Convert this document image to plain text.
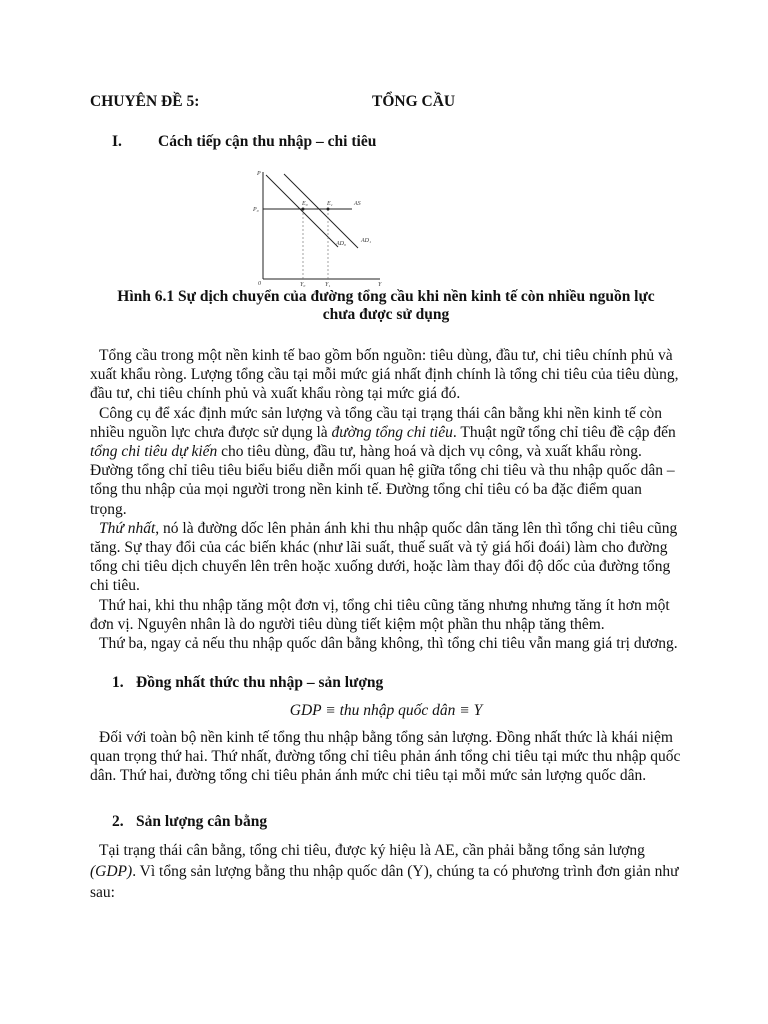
CHUYÊN ĐỀ 5:	TỔNG CẦU
I. Cách tiếp cận thu nhập – chi tiêu
P
0
P₀
E₀	E₁	AS
AD₀ AD₁
Y₀	Y₁	Y
Hình 6.1 Sự dịch chuyển của đường tổng cầu khi nền kinh tế còn nhiều nguồn lực
chưa được sử dụng

Tổng cầu trong một nền kinh tế bao gồm bốn nguồn: tiêu dùng, đầu tư, chi tiêu chính phủ và xuất khẩu ròng. Lượng tổng cầu tại mỗi mức giá nhất định chính là tổng chi tiêu của tiêu dùng, đầu tư, chi tiêu chính phủ và xuất khẩu ròng tại mức giá đó.

Công cụ để xác định mức sản lượng và tổng cầu tại trạng thái cân bằng khi nền kinh tế còn nhiều nguồn lực chưa được sử dụng là đường tổng chi tiêu. Thuật ngữ tổng chỉ tiêu đề cập đến tổng chi tiêu dự kiến cho tiêu dùng, đầu tư, hàng hoá và dịch vụ công, và xuất khẩu ròng. Đường tổng chỉ tiêu tiêu biểu biểu diễn mối quan hệ giữa tổng chi tiêu và thu nhập quốc dân – tổng thu nhập của mọi người trong nền kinh tế. Đường tổng chỉ tiêu có ba đặc điểm quan trọng.

Thứ nhất, nó là đường dốc lên phản ánh khi thu nhập quốc dân tăng lên thì tổng chi tiêu cũng tăng. Sự thay đổi của các biến khác (như lãi suất, thuế suất và tỷ giá hối đoái) làm cho đường tổng chi tiêu dịch chuyển lên trên hoặc xuống dưới, hoặc làm thay đổi độ dốc của đường tổng chi tiêu.

Thứ hai, khi thu nhập tăng một đơn vị, tổng chi tiêu cũng tăng nhưng nhưng tăng ít hơn một đơn vị. Nguyên nhân là do người tiêu dùng tiết kiệm một phần thu nhập tăng thêm.

Thứ ba, ngay cả nếu thu nhập quốc dân bằng không, thì tổng chi tiêu vẫn mang giá trị dương.

1. Đồng nhất thức thu nhập – sản lượng
GDP ≡ thu nhập quốc dân ≡ Y
Đối với toàn bộ nền kinh tế tổng thu nhập bằng tổng sản lượng. Đồng nhất thức là khái niệm quan trọng thứ hai. Thứ nhất, đường tổng chỉ tiêu phản ánh tổng chi tiêu tại mức thu nhập quốc dân. Thứ hai, đường tổng chi tiêu phản ánh mức chi tiêu tại mỗi mức sản lượng quốc dân.
2. Sản lượng cân bằng
Tại trạng thái cân bằng, tổng chi tiêu, được ký hiệu là AE, cần phải bằng tổng sản lượng (GDP). Vì tổng sản lượng bằng thu nhập quốc dân (Y), chúng ta có phương trình đơn giản như sau:
